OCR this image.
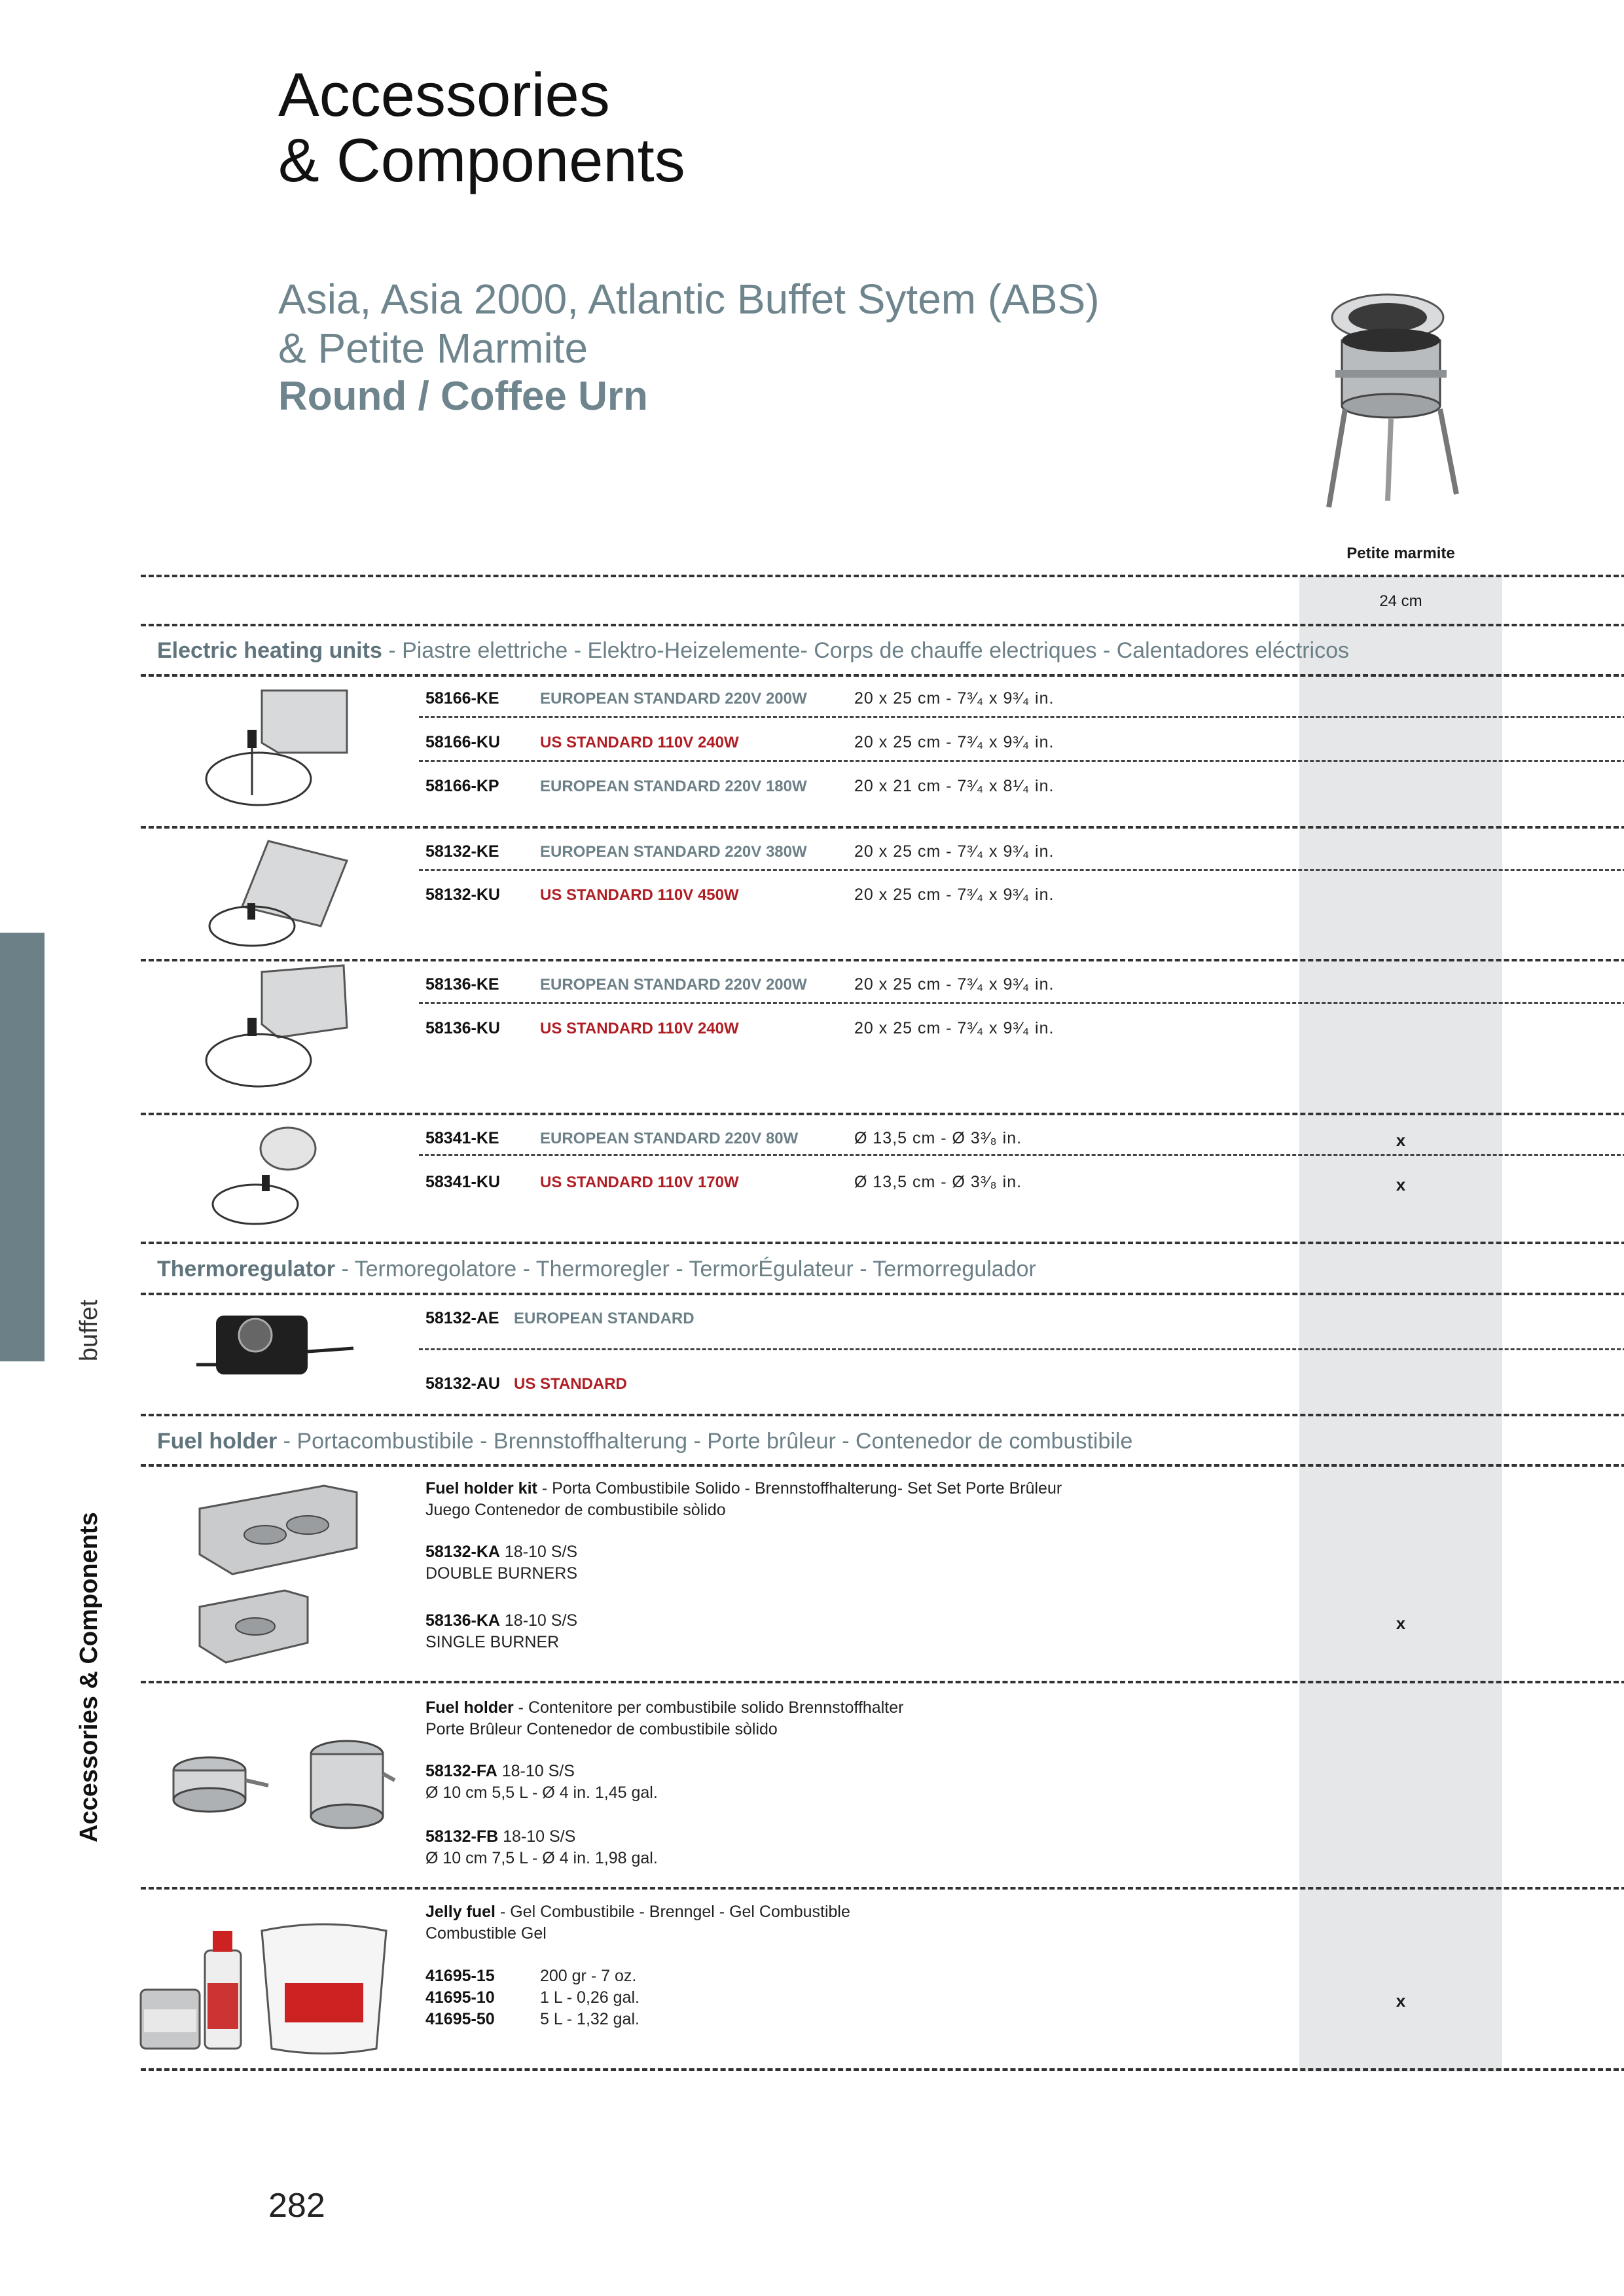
Accessories
& Components
Asia, Asia 2000, Atlantic Buffet Sytem (ABS)
& Petite Marmite
Round / Coffee Urn
buffet
Accessories & Components
Petite marmite
24 cm
Electric heating units - Piastre elettriche - Elektro-Heizelemente- Corps de chauffe electriques - Calentadores eléctricos
58166-KE	EUROPEAN STANDARD 220V 200W	20 x 25 cm - 7³⁄₄ x 9³⁄₄ in.
58166-KU	US STANDARD 110V 240W	20 x 25 cm - 7³⁄₄ x 9³⁄₄ in.
58166-KP	EUROPEAN STANDARD 220V 180W	20 x 21 cm - 7³⁄₄ x 8¹⁄₄ in.
58132-KE	EUROPEAN STANDARD 220V 380W	20 x 25 cm - 7³⁄₄ x 9³⁄₄ in.
58132-KU	US STANDARD 110V 450W	20 x 25 cm - 7³⁄₄ x 9³⁄₄ in.
58136-KE	EUROPEAN STANDARD 220V 200W	20 x 25 cm - 7³⁄₄ x 9³⁄₄ in.
58136-KU	US STANDARD 110V 240W	20 x 25 cm - 7³⁄₄ x 9³⁄₄ in.
58341-KE	EUROPEAN STANDARD 220V 80W	Ø 13,5 cm - Ø 3³⁄₈ in.	x
58341-KU	US STANDARD 110V 170W	Ø 13,5 cm - Ø 3³⁄₈ in.	x
Thermoregulator - Termoregolatore - Thermoregler - TermorÉgulateur - Termorregulador
58132-AE EUROPEAN STANDARD
58132-AU US STANDARD
Fuel holder - Portacombustibile - Brennstoffhalterung - Porte brûleur - Contenedor de combustibile
Fuel holder kit - Porta Combustibile Solido - Brennstoffhalterung- Set Set Porte Brûleur
Juego Contenedor de combustibile sòlido
58132-KA 18-10 S/S
DOUBLE BURNERS
58136-KA 18-10 S/S
SINGLE BURNER
x
Fuel holder - Contenitore per combustibile solido Brennstoffhalter
Porte Brûleur Contenedor de combustibile sòlido
58132-FA 18-10 S/S
Ø 10 cm 5,5 L - Ø 4 in. 1,45 gal.
58132-FB 18-10 S/S
Ø 10 cm 7,5 L - Ø 4 in. 1,98 gal.
Jelly fuel - Gel Combustibile - Brenngel - Gel Combustible
Combustible Gel
41695-15	200 gr - 7 oz.
41695-10	1 L - 0,26 gal.
41695-50	5 L - 1,32 gal.
x
282
